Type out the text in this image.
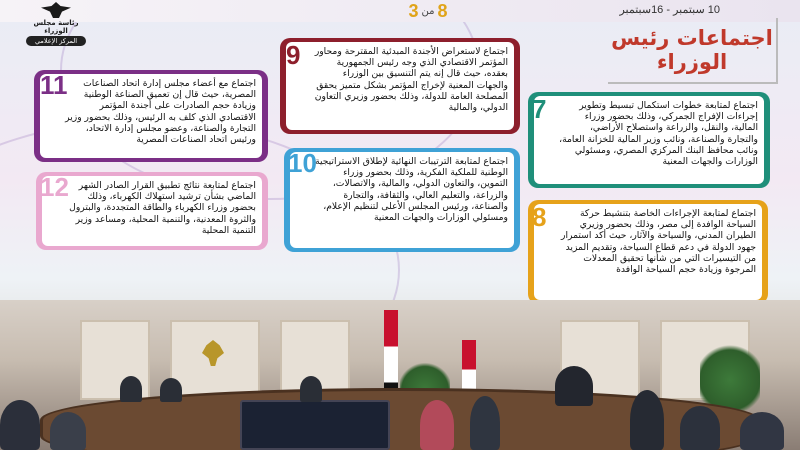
10 سبتمبر - 16سبتمبر
3 من 8
رئاسة مجلس الوزراء
المركز الإعلامي	اجتماعات رئيس
الوزراء
اجتماع لاستعراض الأجندة المبدئية المقترحة ومحاور المؤتمر الاقتصادي الذي وجه رئيس الجمهورية بعقده، حيث قال إنه يتم التنسيق بين الوزراء والجهات المعنية لإخراج المؤتمر بشكل متميز يحقق المصلحة العامة للدولة، وذلك بحضور وزيري التعاون الدولي، والمالية
9
اجتماع مع أعضاء مجلس إدارة اتحاد الصناعات المصرية، حيث قال إن تعميق الصناعة الوطنية وزيادة حجم الصادرات على أجندة المؤتمر الاقتصادي الذي كلف به الرئيس، وذلك بحضور وزير التجارة والصناعة، وعضو مجلس إدارة الاتحاد، ورئيس اتحاد الصناعات المصرية
11
اجتماع لمتابعة خطوات استكمال تبسيط وتطوير إجراءات الإفراج الجمركي، وذلك بحضور وزراء المالية، والنقل، والزراعة واستصلاح الأراضي، والتجارة والصناعة، ونائب وزير المالية للخزانة العامة، ونائب محافظ البنك المركزي المصري، ومسئولي الوزارات والجهات المعنية
7
اجتماع لمتابعة الترتيبات النهائية لإطلاق الاستراتيجية الوطنية للملكية الفكرية، وذلك بحضور وزراء التموين، والتعاون الدولي، والمالية، والاتصالات، والزراعة، والتعليم العالي، والثقافة، والتجارة والصناعة، ورئيس المجلس الأعلى لتنظيم الإعلام، ومسئولي الوزارات والجهات المعنية
10
اجتماع لمتابعة نتائج تطبيق القرار الصادر الشهر الماضي بشأن ترشيد استهلاك الكهرباء، وذلك بحضور وزراء الكهرباء والطاقة المتجددة، والبترول والثروة المعدنية، والتنمية المحلية، ومساعد وزير التنمية المحلية
12
اجتماع لمتابعة الإجراءات الخاصة بتنشيط حركة السياحة الوافدة إلى مصر، وذلك بحضور وزيري الطيران المدني، والسياحة والآثار، حيث أكد استمرار جهود الدولة في دعم قطاع السياحة، وتقديم المزيد من التيسيرات التي من شأنها تحقيق المعدلات المرجوة وزيادة حجم السياحة الوافدة
8
